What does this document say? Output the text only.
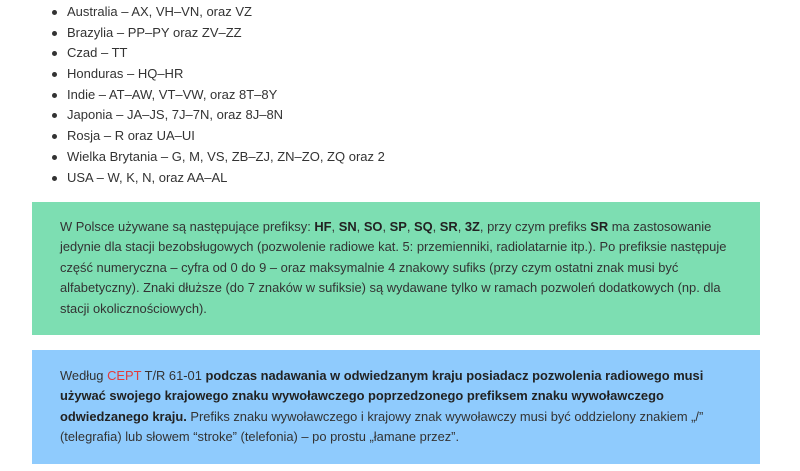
Australia – AX, VH–VN, oraz VZ
Brazylia – PP–PY oraz ZV–ZZ
Czad – TT
Honduras – HQ–HR
Indie – AT–AW, VT–VW, oraz 8T–8Y
Japonia – JA–JS, 7J–7N, oraz 8J–8N
Rosja – R oraz UA–UI
Wielka Brytania – G, M, VS, ZB–ZJ, ZN–ZO, ZQ oraz 2
USA – W, K, N, oraz AA–AL
W Polsce używane są następujące prefiksy: HF, SN, SO, SP, SQ, SR, 3Z, przy czym prefiks SR ma zastosowanie jedynie dla stacji bezobsługowych (pozwolenie radiowe kat. 5: przemienniki, radiolatarnie itp.). Po prefiksie następuje część numeryczna – cyfra od 0 do 9 – oraz maksymalnie 4 znakowy sufiks (przy czym ostatni znak musi być alfabetyczny). Znaki dłuższe (do 7 znaków w sufiksie) są wydawane tylko w ramach pozwoleń dodatkowych (np. dla stacji okolicznościowych).
Według CEPT T/R 61-01 podczas nadawania w odwiedzanym kraju posiadacz pozwolenia radiowego musi używać swojego krajowego znaku wywoławczego poprzedzonego prefiksem znaku wywoławczego odwiedzanego kraju. Prefiks znaku wywoławczego i krajowy znak wywoławczy musi być oddzielony znakiem „/” (telegrafia) lub słowem “stroke” (telefonia) – po prostu „łamane przez”.
